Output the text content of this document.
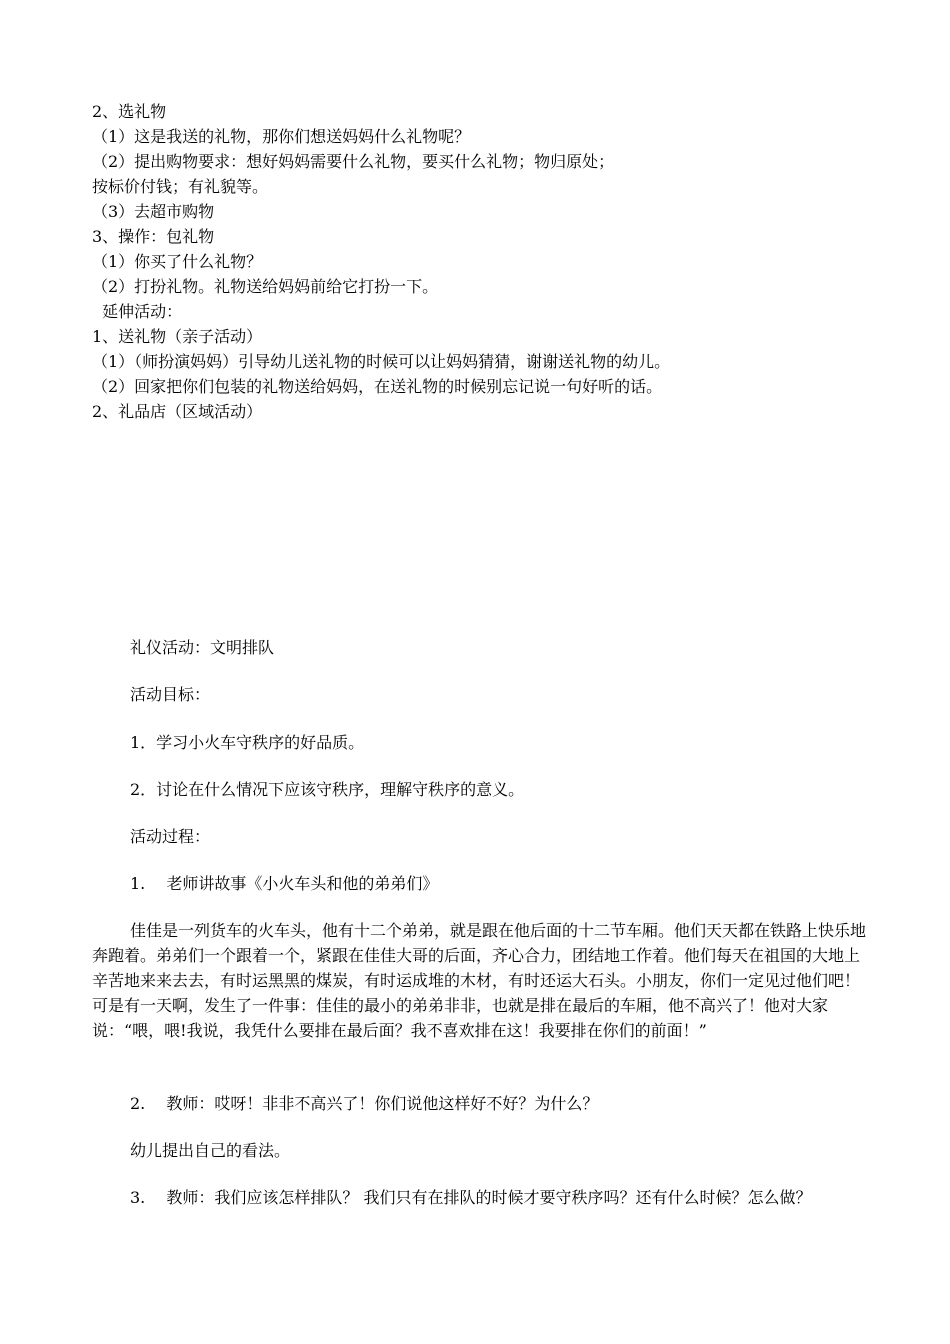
2、选礼物
（1）这是我送的礼物，那你们想送妈妈什么礼物呢？
（2）提出购物要求：想好妈妈需要什么礼物，要买什么礼物；物归原处；
按标价付钱；有礼貌等。
（3）去超市购物
3、操作：包礼物
（1）你买了什么礼物？
（2）打扮礼物。礼物送给妈妈前给它打扮一下。
延伸活动：
1、送礼物（亲子活动）
（1）（师扮演妈妈）引导幼儿送礼物的时候可以让妈妈猜猜，谢谢送礼物的幼儿。
（2）回家把你们包装的礼物送给妈妈，在送礼物的时候别忘记说一句好听的话。
2、礼品店（区域活动）
礼仪活动：文明排队
活动目标：
1．学习小火车守秩序的好品质。
2．讨论在什么情况下应该守秩序，理解守秩序的意义。
活动过程：
1.　 老师讲故事《小火车头和他的弟弟们》
佳佳是一列货车的火车头，他有十二个弟弟，就是跟在他后面的十二节车厢。他们天天都在铁路上快乐地奔跑着。弟弟们一个跟着一个，紧跟在佳佳大哥的后面，齐心合力，团结地工作着。他们每天在祖国的大地上辛苦地来来去去，有时运黑黑的煤炭，有时运成堆的木材，有时还运大石头。小朋友，你们一定见过他们吧！可是有一天啊，发生了一件事：佳佳的最小的弟弟非非，也就是排在最后的车厢，他不高兴了！他对大家说：“喂，喂!我说，我凭什么要排在最后面？我不喜欢排在这！我要排在你们的前面！”
2.　 教师：哎呀！非非不高兴了！你们说他这样好不好？为什么？
幼儿提出自己的看法。
3.　 教师：我们应该怎样排队？ 我们只有在排队的时候才要守秩序吗？还有什么时候？怎么做？
